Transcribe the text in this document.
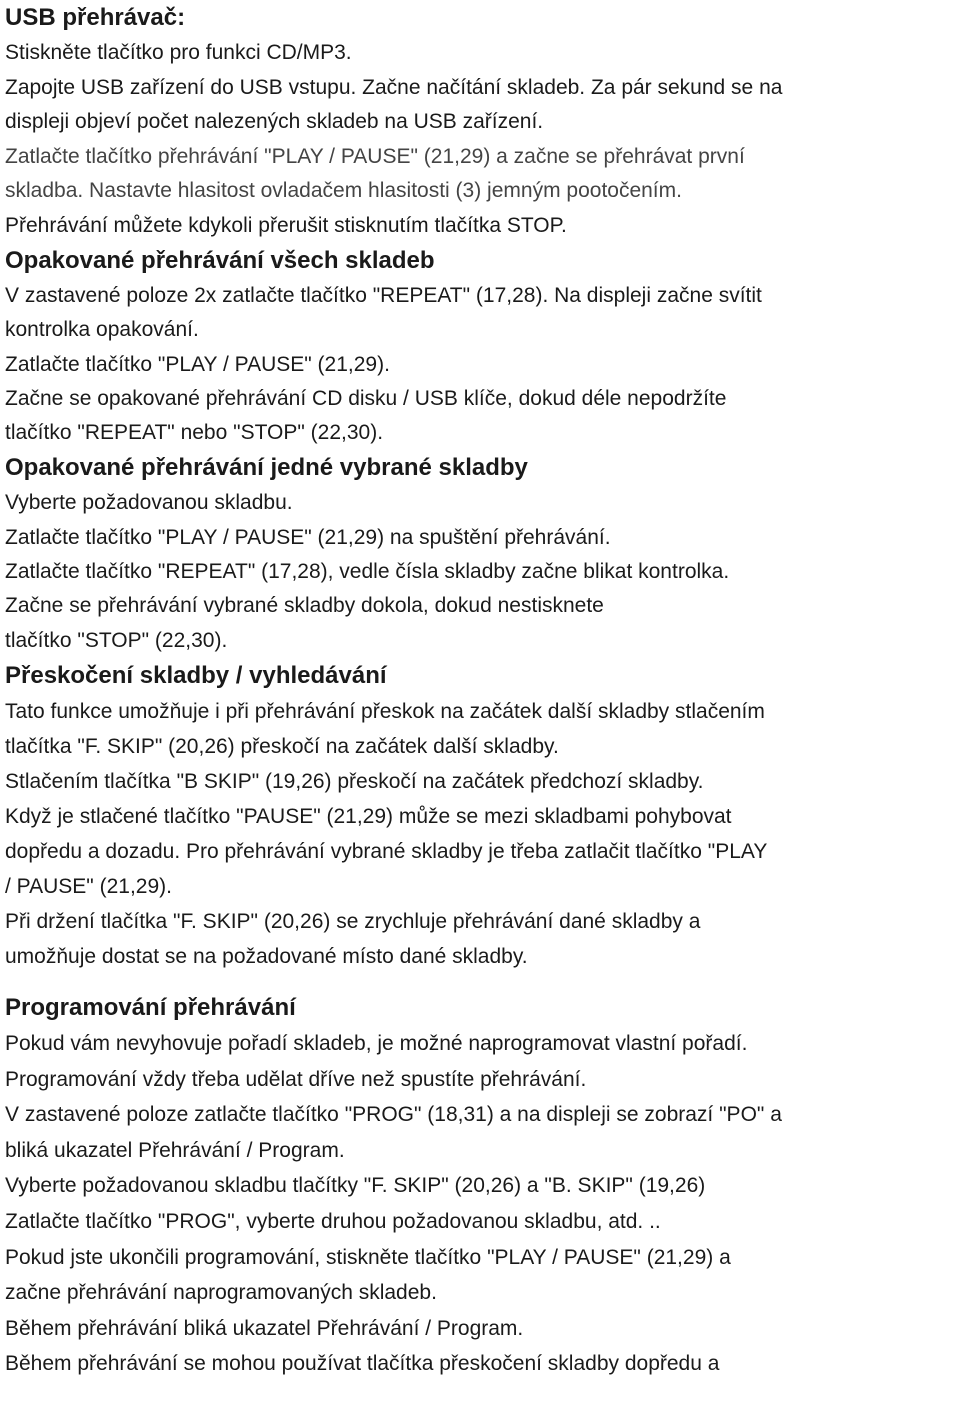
USB přehrávač:

Stiskněte tlačítko pro funkci CD/MP3.

Zapojte USB zařízení do USB vstupu. Začne načítání skladeb. Za pár sekund se na

displeji objeví počet nalezených skladeb na USB zařízení.

Zatlačte tlačítko přehrávání "PLAY / PAUSE" (21,29) a začne se přehrávat první

skladba. Nastavte hlasitost ovladačem hlasitosti (3) jemným pootočením.

Přehrávání můžete kdykoli přerušit stisknutím tlačítka STOP.

Opakované přehrávání všech skladeb

V zastavené poloze 2x zatlačte tlačítko "REPEAT" (17,28). Na displeji začne svítit

kontrolka opakování.

Zatlačte tlačítko "PLAY / PAUSE" (21,29).

Začne se opakované přehrávání CD disku / USB klíče, dokud déle nepodržíte

tlačítko "REPEAT" nebo "STOP" (22,30).

Opakované přehrávání jedné vybrané skladby

Vyberte požadovanou skladbu.

Zatlačte tlačítko "PLAY / PAUSE" (21,29) na spuštění přehrávání.

Zatlačte tlačítko "REPEAT" (17,28), vedle čísla skladby začne blikat kontrolka.

Začne se přehrávání vybrané skladby dokola, dokud nestisknete

tlačítko "STOP" (22,30).

Přeskočení skladby / vyhledávání

Tato funkce umožňuje i při přehrávání přeskok na začátek další skladby stlačením

tlačítka "F. SKIP" (20,26) přeskočí na začátek další skladby.

Stlačením tlačítka "B SKIP" (19,26) přeskočí na začátek předchozí skladby.

Když je stlačené tlačítko "PAUSE" (21,29) může se mezi skladbami pohybovat

dopředu a dozadu. Pro přehrávání vybrané skladby je třeba zatlačit tlačítko "PLAY

/ PAUSE" (21,29).

Při držení tlačítka "F. SKIP" (20,26) se zrychluje přehrávání dané skladby a

umožňuje dostat se na požadované místo dané skladby.

Programování přehrávání

Pokud vám nevyhovuje pořadí skladeb, je možné naprogramovat vlastní pořadí.

Programování vždy třeba udělat dříve než spustíte přehrávání.

V zastavené poloze zatlačte tlačítko "PROG" (18,31) a na displeji se zobrazí "PO" a

bliká ukazatel Přehrávání / Program.

Vyberte požadovanou skladbu tlačítky "F. SKIP" (20,26) a "B. SKIP" (19,26)

Zatlačte tlačítko "PROG", vyberte druhou požadovanou skladbu, atd. ..

Pokud jste ukončili programování, stiskněte tlačítko "PLAY / PAUSE" (21,29) a

začne přehrávání naprogramovaných skladeb.

Během přehrávání bliká ukazatel Přehrávání / Program.

Během přehrávání se mohou používat tlačítka přeskočení skladby dopředu a
